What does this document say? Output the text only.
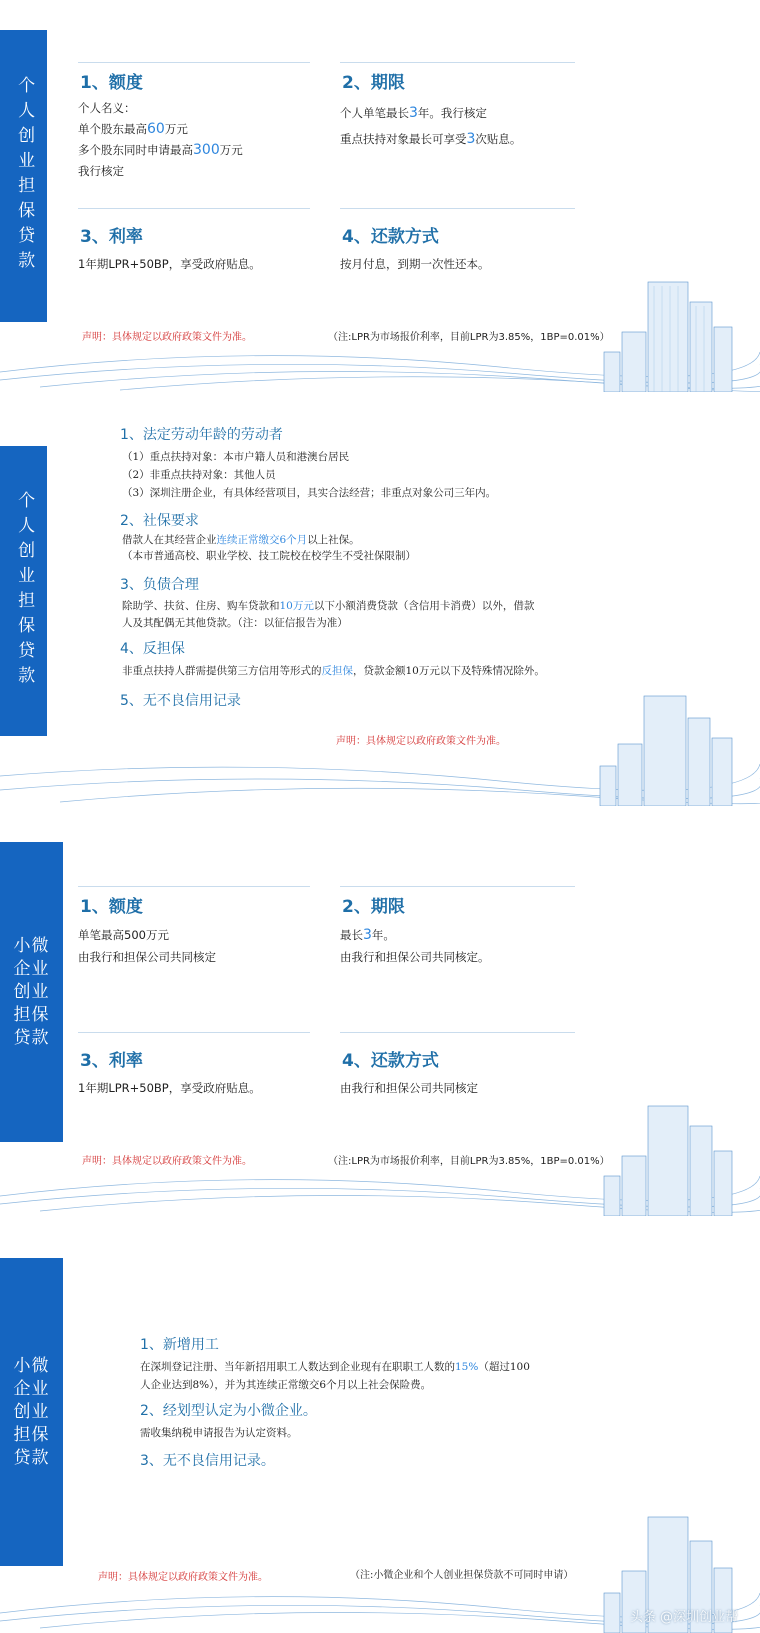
个人创业担保贷款	1、额度
个人名义：
单个股东最高60万元
多个股东同时申请最高300万元
我行核定
2、期限
个人单笔最长3年。我行核定
重点扶持对象最长可享受3次贴息。
3、利率
1年期LPR+50BP，享受政府贴息。
4、还款方式
按月付息，到期一次性还本。
声明：具体规定以政府政策文件为准。	（注:LPR为市场报价利率，目前LPR为3.85%，1BP=0.01%）
个人创业担保贷款
1、法定劳动年龄的劳动者
（1）重点扶持对象：本市户籍人员和港澳台居民
（2）非重点扶持对象：其他人员
（3）深圳注册企业，有具体经营项目，具实合法经营；非重点对象公司三年内。
2、社保要求
借款人在其经营企业连续正常缴交6个月以上社保。
（本市普通高校、职业学校、技工院校在校学生不受社保限制）
3、负债合理
除助学、扶贫、住房、购车贷款和10万元以下小额消费贷款（含信用卡消费）以外，借款
人及其配偶无其他贷款。（注：以征信报告为准）
4、反担保
非重点扶持人群需提供第三方信用等形式的反担保，贷款金额10万元以下及特殊情况除外。
5、无不良信用记录
声明：具体规定以政府政策文件为准。
小微企业创业担保贷款
1、额度
单笔最高500万元
由我行和担保公司共同核定
2、期限
最长3年。
由我行和担保公司共同核定。
3、利率
1年期LPR+50BP，享受政府贴息。
4、还款方式
由我行和担保公司共同核定
声明：具体规定以政府政策文件为准。	（注:LPR为市场报价利率，目前LPR为3.85%，1BP=0.01%）
小微企业创业担保贷款
1、新增用工
在深圳登记注册、当年新招用职工人数达到企业现有在职职工人数的15%（超过100
人企业达到8%），并为其连续正常缴交6个月以上社会保险费。
2、经划型认定为小微企业。
需收集纳税申请报告为认定资料。
3、无不良信用记录。
声明：具体规定以政府政策文件为准。	（注:小微企业和个人创业担保贷款不可同时申请）
头条 @深圳创业帮
